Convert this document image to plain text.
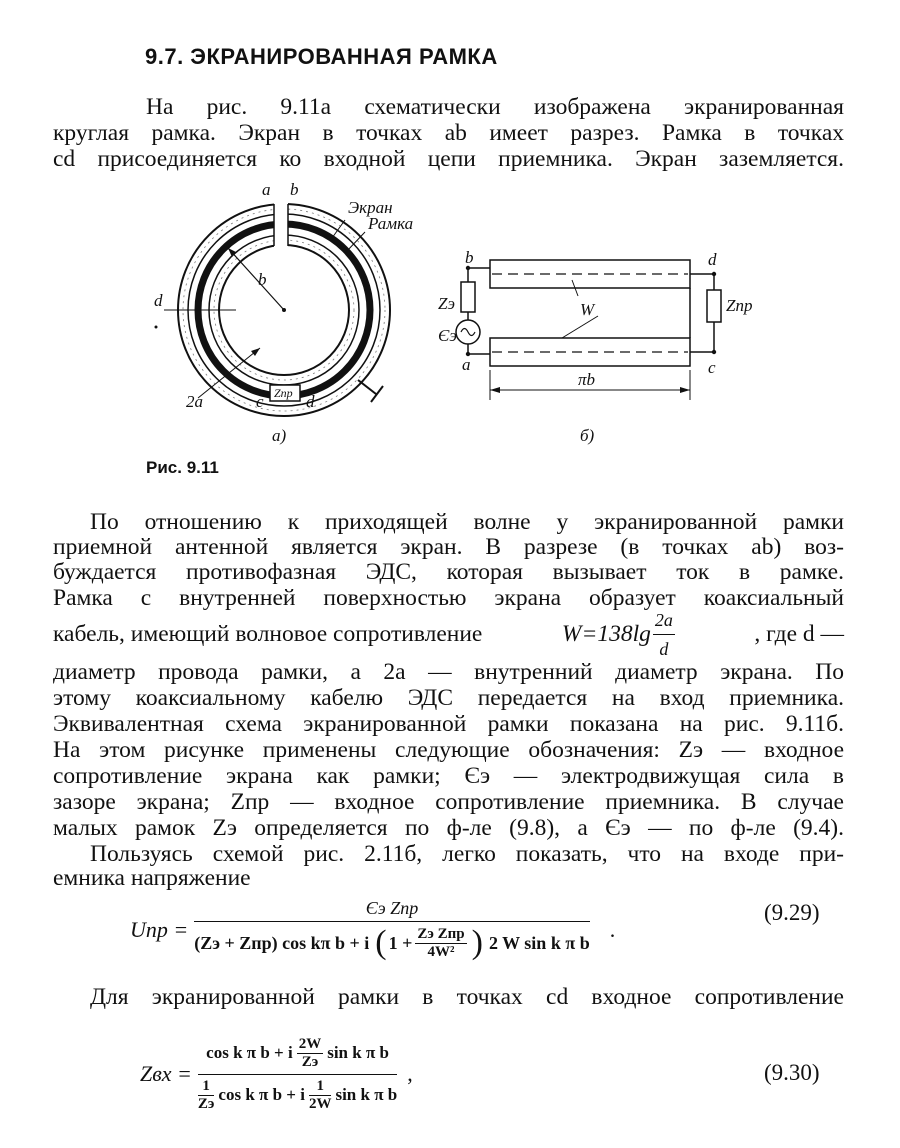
9.7. ЭКРАНИРОВАННАЯ РАМКА
На рис. 9.11а схематически изображена экранированная
круглая рамка. Экран в точках ab имеет разрез. Рамка в точках
cd присоединяется ко входной цепи приемника. Экран заземляется.
a b
Экран
Рамка
b
d
2a	c Zпр d
а)
b	d
Zэ	W	Zпр
Єэ
a	c
πb
б)
Рис. 9.11
По отношению к приходящей волне у экранированной рамки
приемной антенной является экран. В разрезе (в точках ab) воз-
буждается противофазная ЭДС, которая вызывает ток в рамке.
Рамка с внутренней поверхностью экрана образует коаксиальный
кабель, имеющий волновое сопротивление	$W=138\lg \frac{2a}{d}$	, где d —
диаметр провода рамки, а 2а — внутренний диаметр экрана. По
этому коаксиальному кабелю ЭДС передается на вход приемника.
Эквивалентная схема экранированной рамки показана на рис. 9.11б.
На этом рисунке применены следующие обозначения: Zэ — входное
сопротивление экрана как рамки; Єэ — электродвижущая сила в
зазоре экрана; Zпр — входное сопротивление приемника. В случае
малых рамок Zэ определяется по ф-ле (9.8), а Єэ — по ф-ле (9.4).
Пользуясь схемой рис. 2.11б, легко показать, что на входе при-
емника напряжение
Uпр =
Єэ Zпр
(Zэ + Zпр) cos kπ b + i ( $1 + \frac{\text{Zэ Zпр}}{\text{4W²}}$ ) 2 W sin k π b
.
(9.29)
Для экранированной рамки в точках cd входное сопротивление
Zвх =
cos k π b + i $\frac{2W}{Zэ}$ sin k π b
$\frac{1}{Zэ}$ cos k π b + i $\frac{1}{2W}$ sin k π b
,	(9.30)
